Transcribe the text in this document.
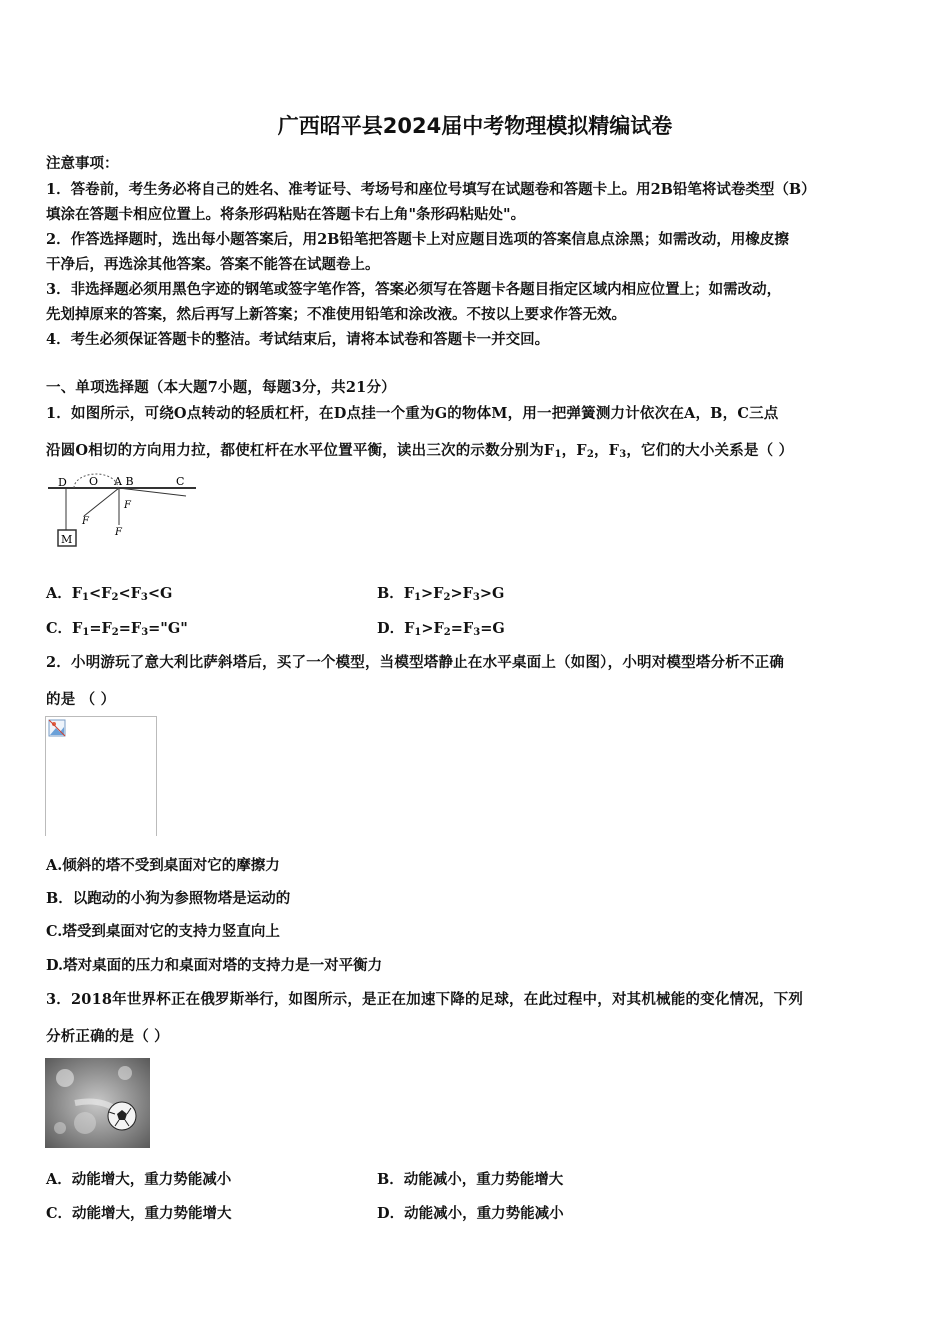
广西昭平县2024届中考物理模拟精编试卷
注意事项：
1．答卷前，考生务必将自己的姓名、准考证号、考场号和座位号填写在试题卷和答题卡上。用2B铅笔将试卷类型（B）
填涂在答题卡相应位置上。将条形码粘贴在答题卡右上角"条形码粘贴处"。
2．作答选择题时，选出每小题答案后，用2B铅笔把答题卡上对应题目选项的答案信息点涂黑；如需改动，用橡皮擦
干净后，再选涂其他答案。答案不能答在试题卷上。
3．非选择题必须用黑色字迹的钢笔或签字笔作答，答案必须写在答题卡各题目指定区域内相应位置上；如需改动，
先划掉原来的答案，然后再写上新答案；不准使用铅笔和涂改液。不按以上要求作答无效。
4．考生必须保证答题卡的整洁。考试结束后，请将本试卷和答题卡一并交回。
一、单项选择题（本大题7小题，每题3分，共21分）
1．如图所示，可绕O点转动的轻质杠杆，在D点挂一个重为G的物体M，用一把弹簧测力计依次在A，B，C三点
沿圆O相切的方向用力拉，都使杠杆在水平位置平衡，读出三次的示数分别为$F_1$，$F_2$，$F_3$，它们的大小关系是（ ）
M
D O A B	C
F
F
F
A．$F_1<F_2<F_3<G$	B．$F_1>F_2>F_3>G$
C．$F_1=F_2=F_3="G$"	D．$F_1>F_2=F_3=G$
2．小明游玩了意大利比萨斜塔后，买了一个模型，当模型塔静止在水平桌面上（如图），小明对模型塔分析不正确
的是 （ ）
A.倾斜的塔不受到桌面对它的摩擦力
B．以跑动的小狗为参照物塔是运动的
C.塔受到桌面对它的支持力竖直向上
D.塔对桌面的压力和桌面对塔的支持力是一对平衡力
3．2018年世界杯正在俄罗斯举行，如图所示，是正在加速下降的足球，在此过程中，对其机械能的变化情况，下列
分析正确的是（ ）
A．动能增大，重力势能减小	B．动能减小，重力势能增大
C．动能增大，重力势能增大	D．动能减小，重力势能减小
